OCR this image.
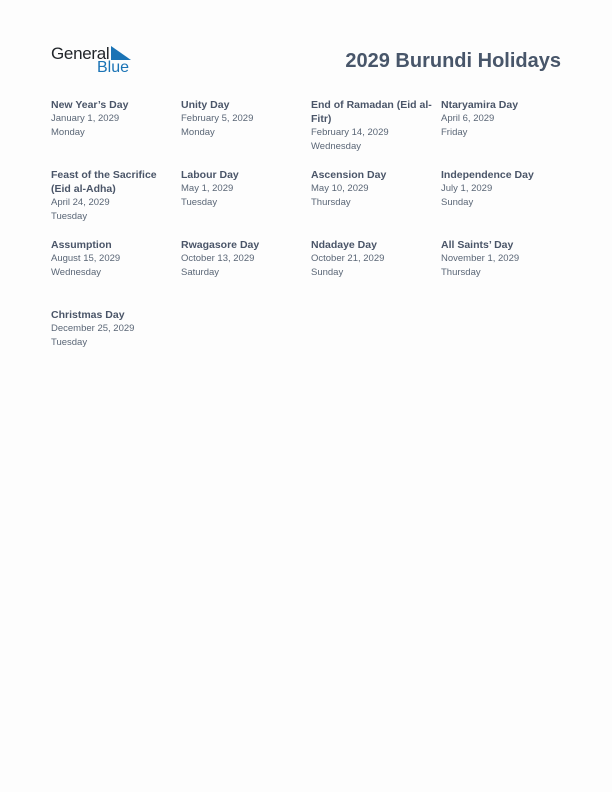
General
Blue	2029 Burundi Holidays
New Year’s Day
January 1, 2029
Monday
Unity Day
February 5, 2029
Monday
End of Ramadan (Eid al-Fitr)
February 14, 2029
Wednesday
Ntaryamira Day
April 6, 2029
Friday
Feast of the Sacrifice (Eid al-Adha)
April 24, 2029
Tuesday
Labour Day
May 1, 2029
Tuesday
Ascension Day
May 10, 2029
Thursday
Independence Day
July 1, 2029
Sunday
Assumption
August 15, 2029
Wednesday
Rwagasore Day
October 13, 2029
Saturday
Ndadaye Day
October 21, 2029
Sunday
All Saints’ Day
November 1, 2029
Thursday
Christmas Day
December 25, 2029
Tuesday
